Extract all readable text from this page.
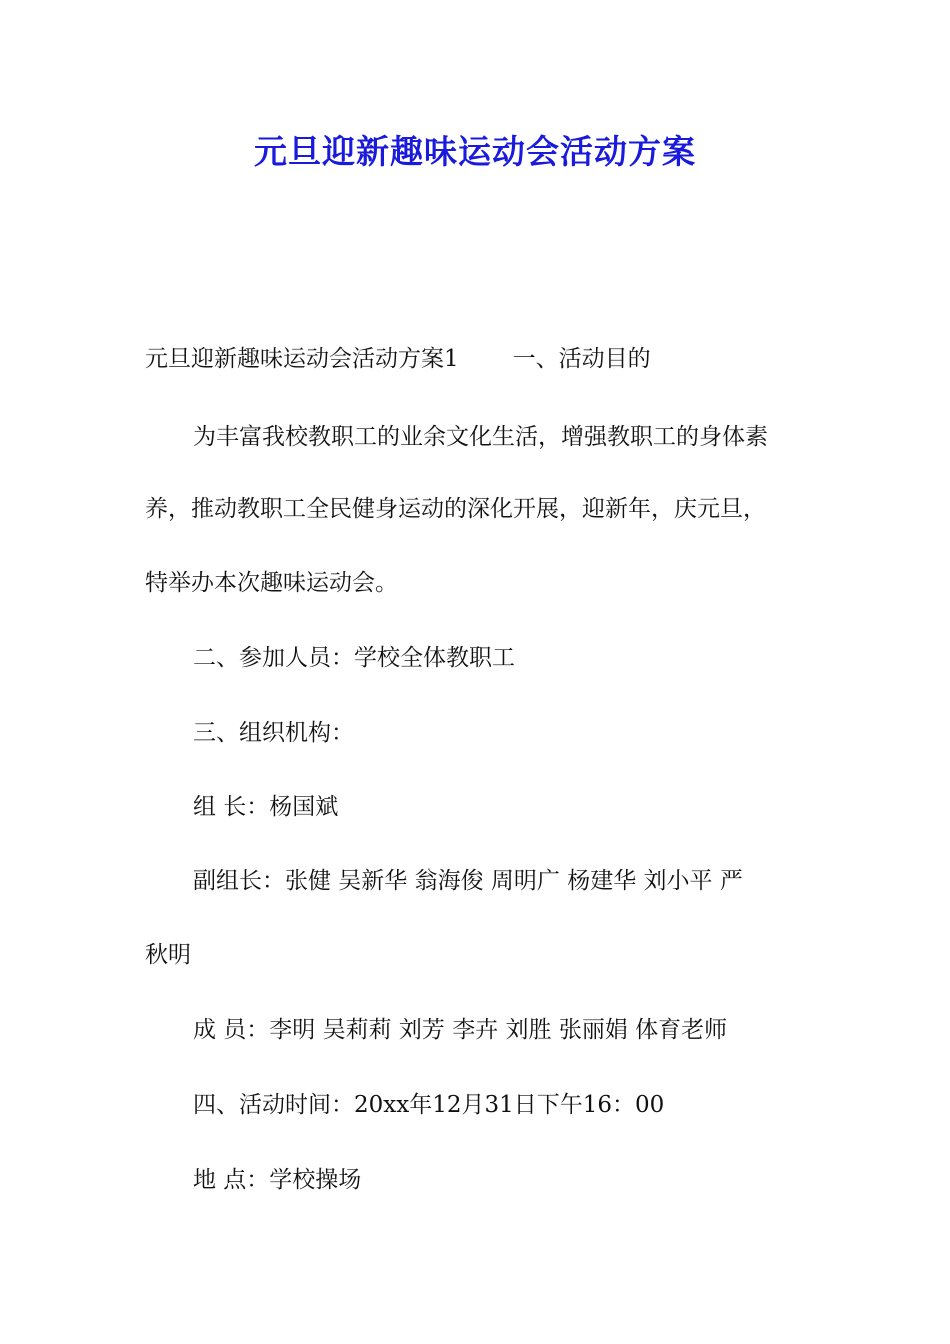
元旦迎新趣味运动会活动方案

元旦迎新趣味运动会活动方案1 一、活动目的

为丰富我校教职工的业余文化生活，增强教职工的身体素

养，推动教职工全民健身运动的深化开展，迎新年，庆元旦，

特举办本次趣味运动会。

二、参加人员：学校全体教职工

三、组织机构：

组 长：杨国斌

副组长：张健 吴新华 翁海俊 周明广 杨建华 刘小平 严

秋明

成 员：李明 吴莉莉 刘芳 李卉 刘胜 张丽娟 体育老师

四、活动时间：20xx年12月31日下午16：00

地 点：学校操场
